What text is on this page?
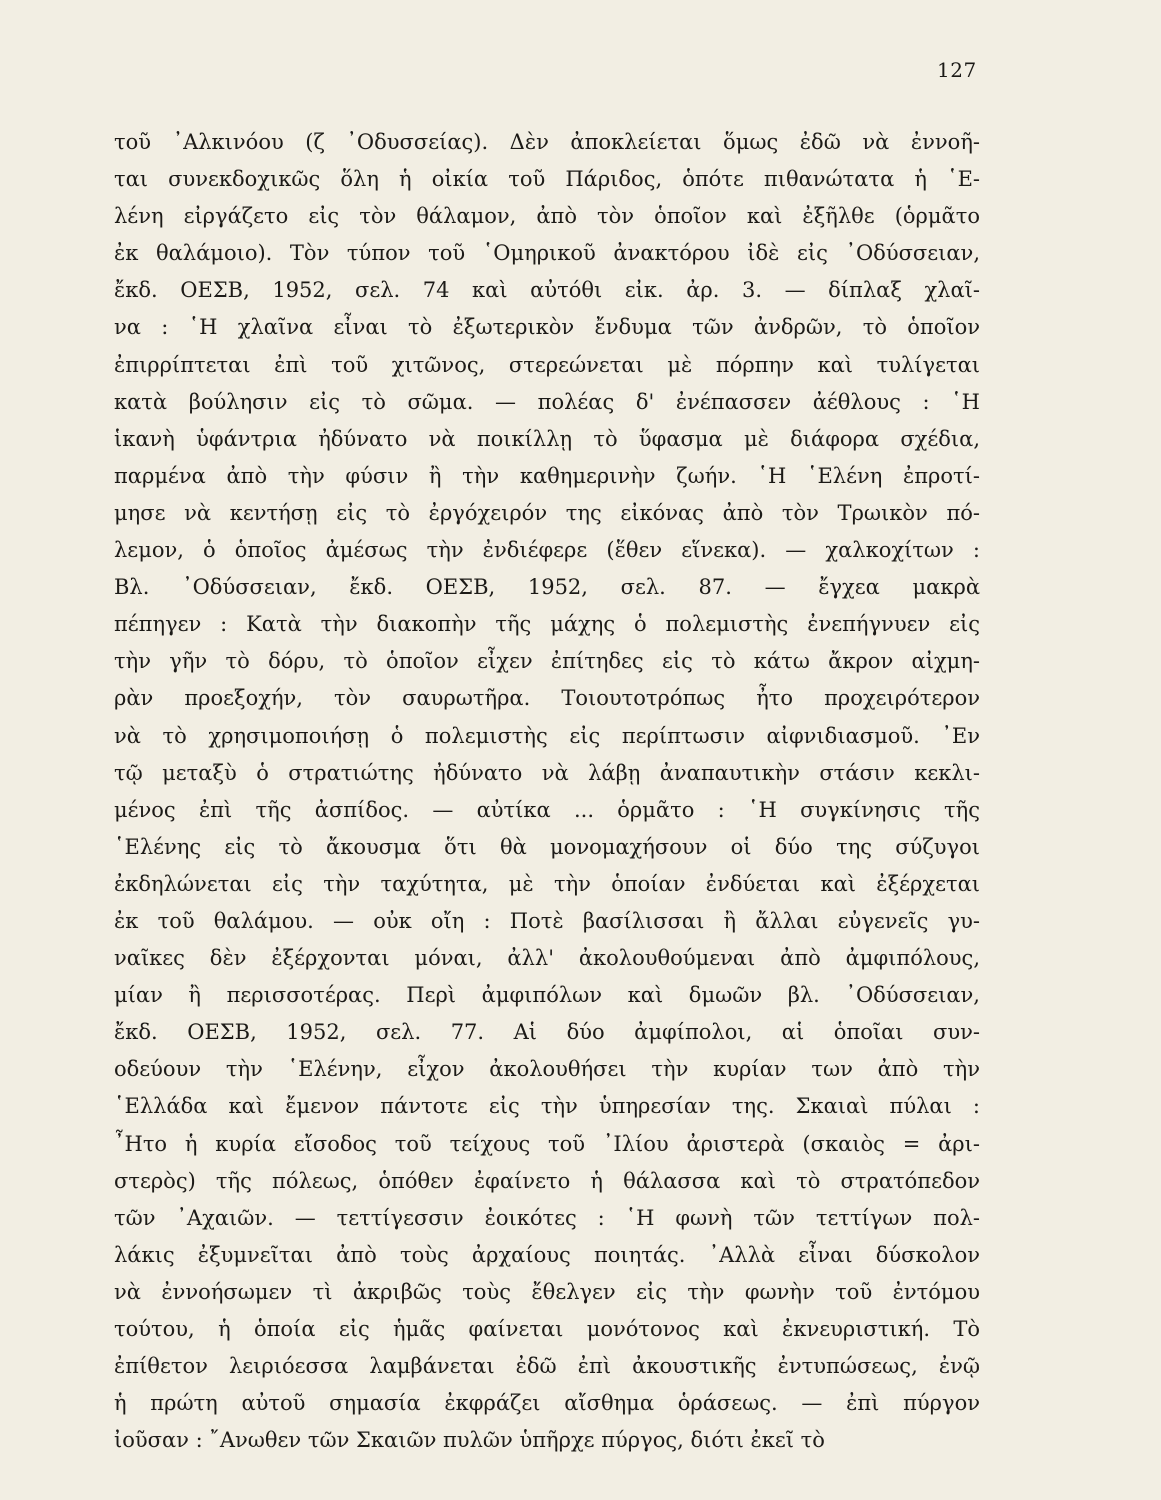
127
τοῦ ᾿Αλκινόου (ζ ᾿Οδυσσείας). Δὲν ἀποκλείεται ὅμως ἐδῶ νὰ ἐννοῆ-
ται συνεκδοχικῶς ὅλη ἡ οἰκία τοῦ Πάριδος, ὁπότε πιθανώτατα ἡ ῾Ε-
λένη εἰργάζετο εἰς τὸν θάλαμον, ἀπὸ τὸν ὁποῖον καὶ ἐξῆλθε (ὁρμᾶτο
ἐκ θαλάμοιο). Τὸν τύπον τοῦ ῾Ομηρικοῦ ἀνακτόρου ἰδὲ εἰς ᾿Οδύσσειαν,
ἔκδ. ΟΕΣΒ, 1952, σελ. 74 καὶ αὐτόθι εἰκ. ἀρ. 3. — δίπλαξ χλαῖ-
να : ῾Η χλαῖνα εἶναι τὸ ἐξωτερικὸν ἔνδυμα τῶν ἀνδρῶν, τὸ ὁποῖον
ἐπιρρίπτεται ἐπὶ τοῦ χιτῶνος, στερεώνεται μὲ πόρπην καὶ τυλίγεται
κατὰ βούλησιν εἰς τὸ σῶμα. — πολέας δ' ἐνέπασσεν ἀέθλους : ῾Η
ἱκανὴ ὑφάντρια ἠδύνατο νὰ ποικίλλῃ τὸ ὕφασμα μὲ διάφορα σχέδια,
παρμένα ἀπὸ τὴν φύσιν ἢ τὴν καθημερινὴν ζωήν. ῾Η ῾Ελένη ἐπροτί-
μησε νὰ κεντήσῃ εἰς τὸ ἐργόχειρόν της εἰκόνας ἀπὸ τὸν Τρωικὸν πό-
λεμον, ὁ ὁποῖος ἀμέσως τὴν ἐνδιέφερε (ἕθεν εἵνεκα). — χαλκοχίτων :
Βλ. ᾿Οδύσσειαν, ἔκδ. ΟΕΣΒ, 1952, σελ. 87. — ἔγχεα μακρὰ
πέπηγεν : Κατὰ τὴν διακοπὴν τῆς μάχης ὁ πολεμιστὴς ἐνεπήγνυεν εἰς
τὴν γῆν τὸ δόρυ, τὸ ὁποῖον εἶχεν ἐπίτηδες εἰς τὸ κάτω ἄκρον αἰχμη-
ρὰν προεξοχήν, τὸν σαυρωτῆρα. Τοιουτοτρόπως ἦτο προχειρότερον
νὰ τὸ χρησιμοποιήσῃ ὁ πολεμιστὴς εἰς περίπτωσιν αἰφνιδιασμοῦ. ᾿Εν
τῷ μεταξὺ ὁ στρατιώτης ἠδύνατο νὰ λάβῃ ἀναπαυτικὴν στάσιν κεκλι-
μένος ἐπὶ τῆς ἀσπίδος. — αὐτίκα ... ὁρμᾶτο : ῾Η συγκίνησις τῆς
῾Ελένης εἰς τὸ ἄκουσμα ὅτι θὰ μονομαχήσουν οἱ δύο της σύζυγοι
ἐκδηλώνεται εἰς τὴν ταχύτητα, μὲ τὴν ὁποίαν ἐνδύεται καὶ ἐξέρχεται
ἐκ τοῦ θαλάμου. — οὐκ οἴη : Ποτὲ βασίλισσαι ἢ ἄλλαι εὐγενεῖς γυ-
ναῖκες δὲν ἐξέρχονται μόναι, ἀλλ' ἀκολουθούμεναι ἀπὸ ἀμφιπόλους,
μίαν ἢ περισσοτέρας. Περὶ ἀμφιπόλων καὶ δμωῶν βλ. ᾿Οδύσσειαν,
ἔκδ. ΟΕΣΒ, 1952, σελ. 77. Αἱ δύο ἀμφίπολοι, αἱ ὁποῖαι συν-
οδεύουν τὴν ῾Ελένην, εἶχον ἀκολουθήσει τὴν κυρίαν των ἀπὸ τὴν
῾Ελλάδα καὶ ἔμενον πάντοτε εἰς τὴν ὑπηρεσίαν της. Σκαιαὶ πύλαι :
῏Ητο ἡ κυρία εἴσοδος τοῦ τείχους τοῦ ᾿Ιλίου ἀριστερὰ (σκαιὸς = ἀρι-
στερὸς) τῆς πόλεως, ὁπόθεν ἐφαίνετο ἡ θάλασσα καὶ τὸ στρατόπεδον
τῶν ᾿Αχαιῶν. — τεττίγεσσιν ἐοικότες : ῾Η φωνὴ τῶν τεττίγων πολ-
λάκις ἐξυμνεῖται ἀπὸ τοὺς ἀρχαίους ποιητάς. ᾿Αλλὰ εἶναι δύσκολον
νὰ ἐννοήσωμεν τὶ ἀκριβῶς τοὺς ἔθελγεν εἰς τὴν φωνὴν τοῦ ἐντόμου
τούτου, ἡ ὁποία εἰς ἡμᾶς φαίνεται μονότονος καὶ ἐκνευριστική. Τὸ
ἐπίθετον λειριόεσσα λαμβάνεται ἐδῶ ἐπὶ ἀκουστικῆς ἐντυπώσεως, ἐνῷ
ἡ πρώτη αὐτοῦ σημασία ἐκφράζει αἴσθημα ὁράσεως. — ἐπὶ πύργον
ἰοῦσαν : ῎Ανωθεν τῶν Σκαιῶν πυλῶν ὑπῆρχε πύργος, διότι ἐκεῖ τὸ
